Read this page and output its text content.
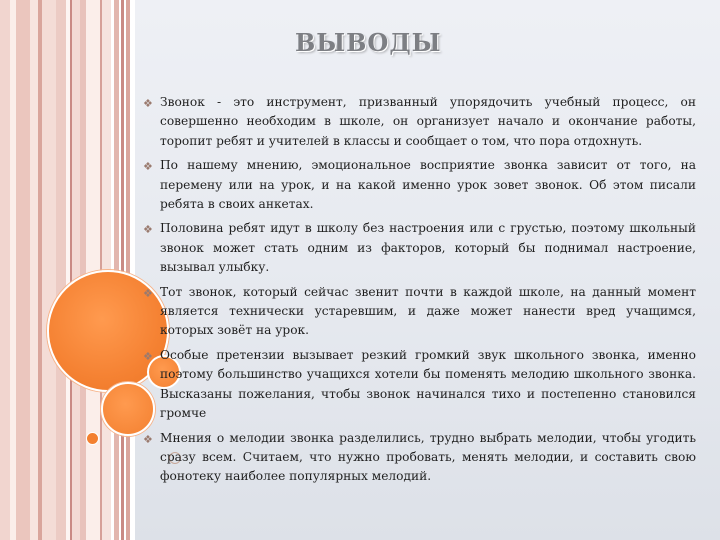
ВЫВОДЫ
❖ Звонок - это инструмент, призванный упорядочить учебный процесс, он совершенно необходим в школе, он организует начало и окончание работы, торопит ребят и учителей в классы и сообщает о том, что пора отдохнуть.
❖ По нашему мнению, эмоциональное восприятие звонка зависит от того, на перемену или на урок, и на какой именно урок зовет звонок. Об этом писали ребята в своих анкетах.
❖ Половина ребят идут в школу без настроения или с грустью, поэтому школьный звонок может стать одним из факторов, который бы поднимал настроение, вызывал улыбку.
❖ Тот звонок, который сейчас звенит почти в каждой школе, на данный момент является технически устаревшим, и даже может нанести вред учащимся, которых зовёт на урок.
❖ Особые претензии вызывает резкий громкий звук школьного звонка, именно поэтому большинство учащихся хотели бы поменять мелодию школьного звонка. Высказаны пожелания, чтобы звонок начинался тихо и постепенно становился громче
❖ Мнения о мелодии звонка разделились, трудно выбрать мелодии, чтобы угодить сразу всем. Считаем, что нужно пробовать, менять мелодии, и составить свою фонотеку наиболее популярных мелодий.
